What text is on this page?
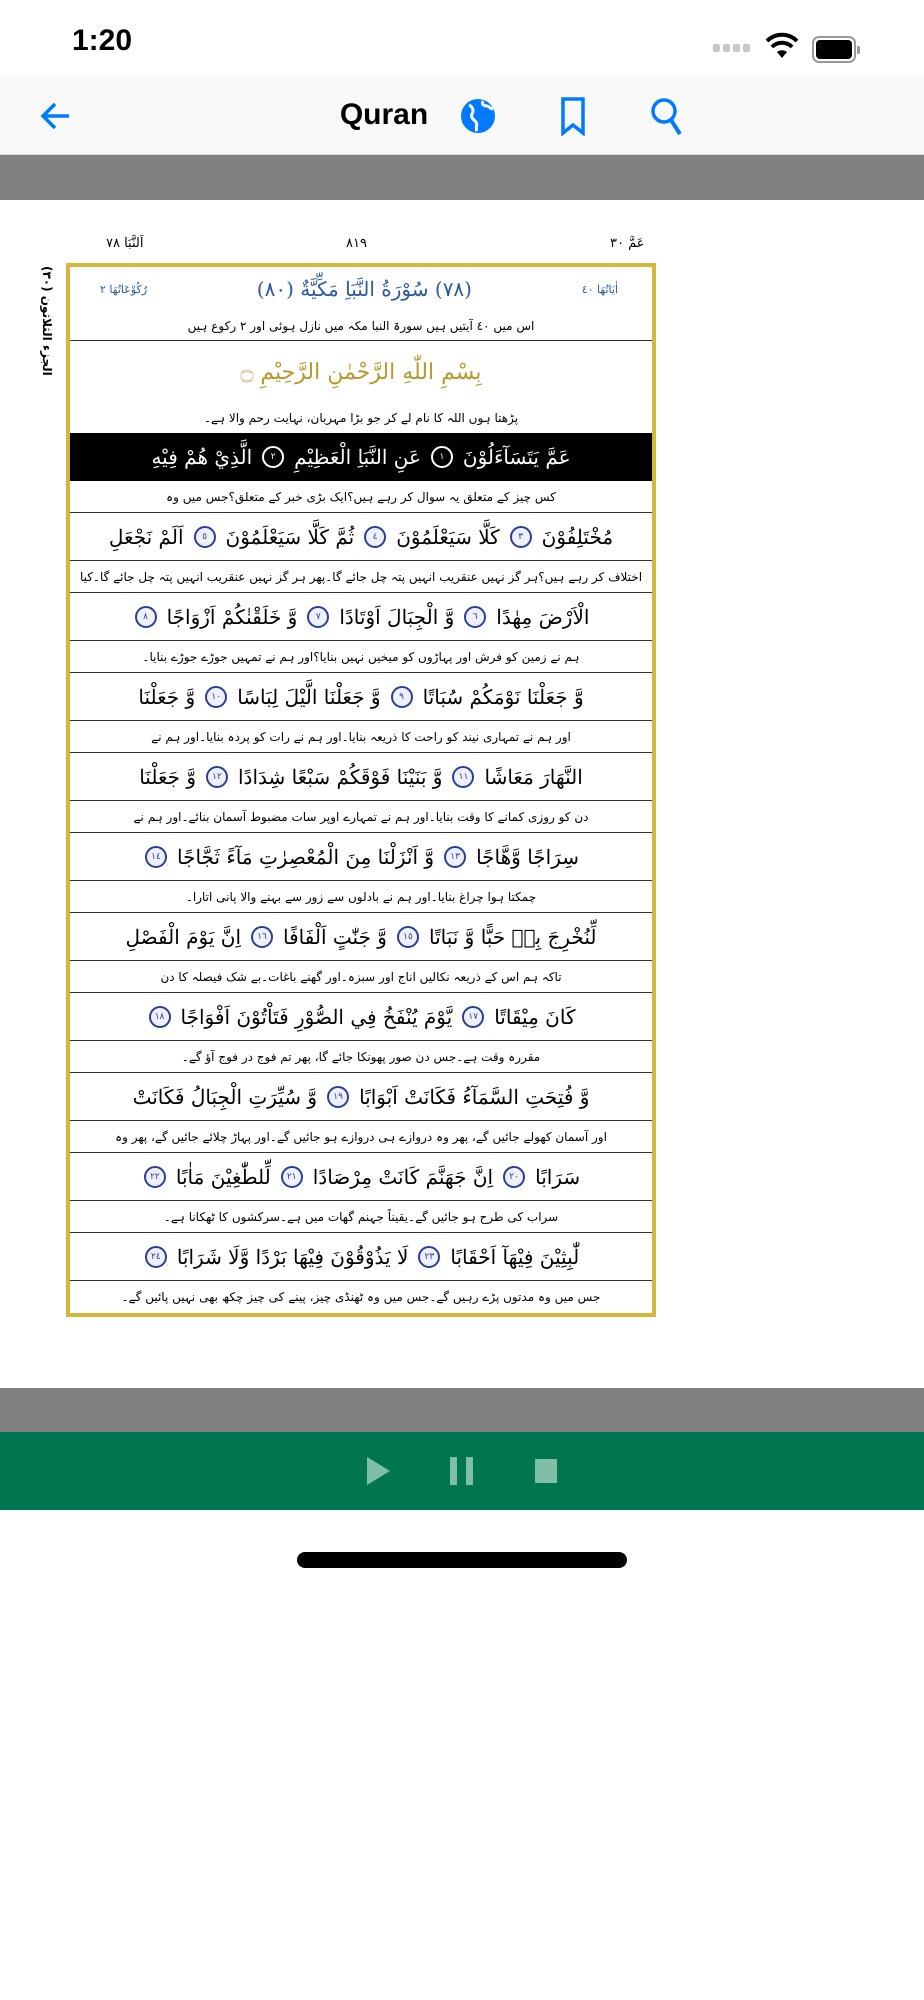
1:20
Quran
اَلنَّبَا ٧٨	٨١٩	عَمَّ ٣٠
الجزء الثلاثون (٣٠)	اٰيَاتُهَا ٤٠
(٧٨) سُوْرَةُ النَّبَاِ مَكِّيَّةٌ (٨٠)
رُكُوْعَاتُهَا ٢
اس میں ٤٠ آیتیں ہیں سورۃ النبا مکہ میں نازل ہوئی اور ٢ رکوع ہیں
بِسْمِ اللّٰهِ الرَّحْمٰنِ الرَّحِيْمِ ۝
پڑھتا ہوں اللہ کا نام لے کر جو بڑا مہربان، نہایت رحم والا ہے۔
عَمَّ يَتَسَآءَلُوْنَ
١
عَنِ النَّبَاِ الْعَظِيْمِ
٢
الَّذِيْ هُمْ فِيْهِ
کس چیز کے متعلق یہ سوال کر رہے ہیں؟ایک بڑی خبر کے متعلق؟جس میں وہ
مُخْتَلِفُوْنَ
٣
كَلَّا سَيَعْلَمُوْنَ
٤
ثُمَّ كَلَّا سَيَعْلَمُوْنَ
٥
اَلَمْ نَجْعَلِ
اختلاف کر رہے ہیں؟ہر گز نہیں عنقریب انہیں پتہ چل جائے گا۔پھر ہر گز نہیں عنقریب انہیں پتہ چل جائے گا۔کیا
الْاَرْضَ مِهٰدًا
٦
وَّ الْجِبَالَ اَوْتَادًا
٧
وَّ خَلَقْنٰكُمْ اَزْوَاجًا
٨
ہم نے زمین کو فرش اور پہاڑوں کو میخیں نہیں بنایا؟اور ہم نے تمہیں جوڑے جوڑے بنایا۔
وَّ جَعَلْنَا نَوْمَكُمْ سُبَاتًا
٩
وَّ جَعَلْنَا الَّيْلَ لِبَاسًا
١٠
وَّ جَعَلْنَا
اور ہم نے تمہاری نیند کو راحت کا ذریعہ بنایا۔اور ہم نے رات کو پردہ بنایا۔اور ہم نے
النَّهَارَ مَعَاشًا
١١
وَّ بَنَيْنَا فَوْقَكُمْ سَبْعًا شِدَادًا
١٢
وَّ جَعَلْنَا
دن کو روزی کمانے کا وقت بنایا۔اور ہم نے تمہارے اوپر سات مضبوط آسمان بنائے۔اور ہم نے
سِرَاجًا وَّهَّاجًا
١٣
وَّ اَنْزَلْنَا مِنَ الْمُعْصِرٰتِ مَآءً ثَجَّاجًا
١٤
چمکتا ہوا چراغ بنایا۔اور ہم نے بادلوں سے زور سے بہنے والا پانی اتارا۔
لِّنُخْرِجَ بِهٖ حَبًّا وَّ نَبَاتًا
١٥
وَّ جَنّٰتٍ اَلْفَافًا
١٦
اِنَّ يَوْمَ الْفَصْلِ
تاکہ ہم اس کے ذریعہ نکالیں اناج اور سبزہ۔اور گھنے باغات۔بے شک فیصلہ کا دن
كَانَ مِيْقَاتًا
١٧
يَّوْمَ يُنْفَخُ فِي الصُّوْرِ فَتَاْتُوْنَ اَفْوَاجًا
١٨
مقررہ وقت ہے۔جس دن صور پھونکا جائے گا، پھر تم فوج در فوج آؤ گے۔
وَّ فُتِحَتِ السَّمَآءُ فَكَانَتْ اَبْوَابًا
١٩
وَّ سُيِّرَتِ الْجِبَالُ فَكَانَتْ
اور آسمان کھولے جائیں گے، پھر وہ دروازے ہی دروازے ہو جائیں گے۔اور پہاڑ چلائے جائیں گے، پھر وہ
سَرَابًا
٢٠
اِنَّ جَهَنَّمَ كَانَتْ مِرْصَادًا
٢١
لِّلطّٰغِيْنَ مَاٰبًا
٢٢
سراب کی طرح ہو جائیں گے۔یقیناً جہنم گھات میں ہے۔سرکشوں کا ٹھکانا ہے۔
لّٰبِثِيْنَ فِيْهَآ اَحْقَابًا
٢٣
لَا يَذُوْقُوْنَ فِيْهَا بَرْدًا وَّلَا شَرَابًا
٢٤
جس میں وہ مدتوں پڑے رہیں گے۔جس میں وہ ٹھنڈی چیز، پینے کی چیز چکھ بھی نہیں پائیں گے۔
